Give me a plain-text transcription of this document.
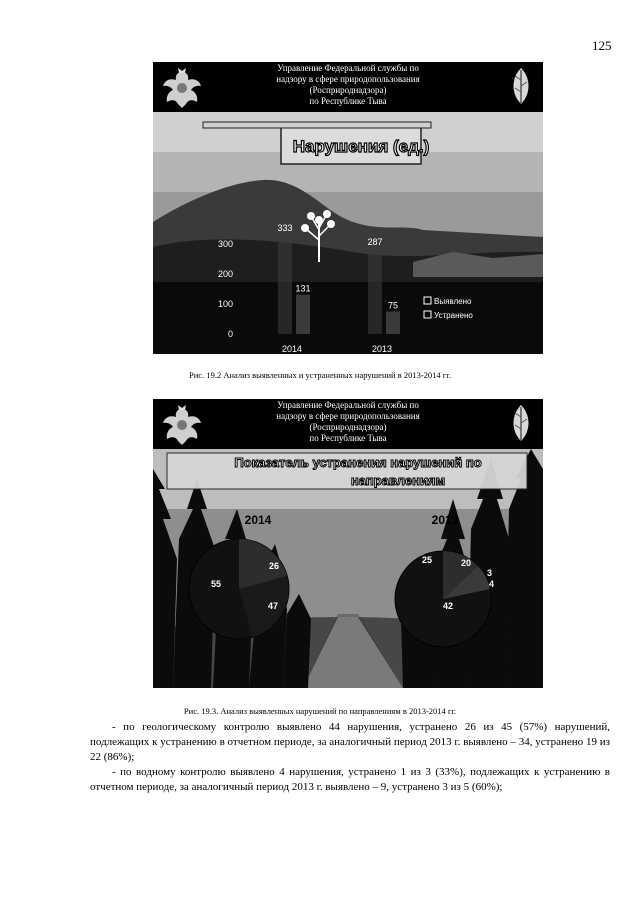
125
Управление Федеральной службы по
надзору в сфере природопользования
(Росприроднадзора)
по Республике Тыва
Нарушения (ед.)
333
131
287
75
0
100
200
300
2014	2013
Выявлено
Устранено
Рис. 19.2 Анализ выявленных и устраненных нарушений в 2013-2014 гг.
Управление Федеральной службы по
надзору в сфере природопользования
(Росприроднадзора)
по Республике Тыва
Показатель устранения нарушений по
направлениям
2014	2013
55
26
47
25	20
3
4
42
Рис. 19.3. Анализ выявленных нарушений по направлениям в 2013-2014 гг.

- по геологическому контролю выявлено 44 нарушения, устранено 26 из 45 (57%) нарушений, подлежащих к устранению в отчетном периоде, за аналогичный период 2013 г. выявлено – 34, устранено 19 из 22 (86%);

- по водному контролю выявлено 4 нарушения, устранено 1 из 3 (33%), подлежащих к устранению в отчетном периоде, за аналогичный период 2013 г. выявлено – 9, устранено 3 из 5 (60%);
